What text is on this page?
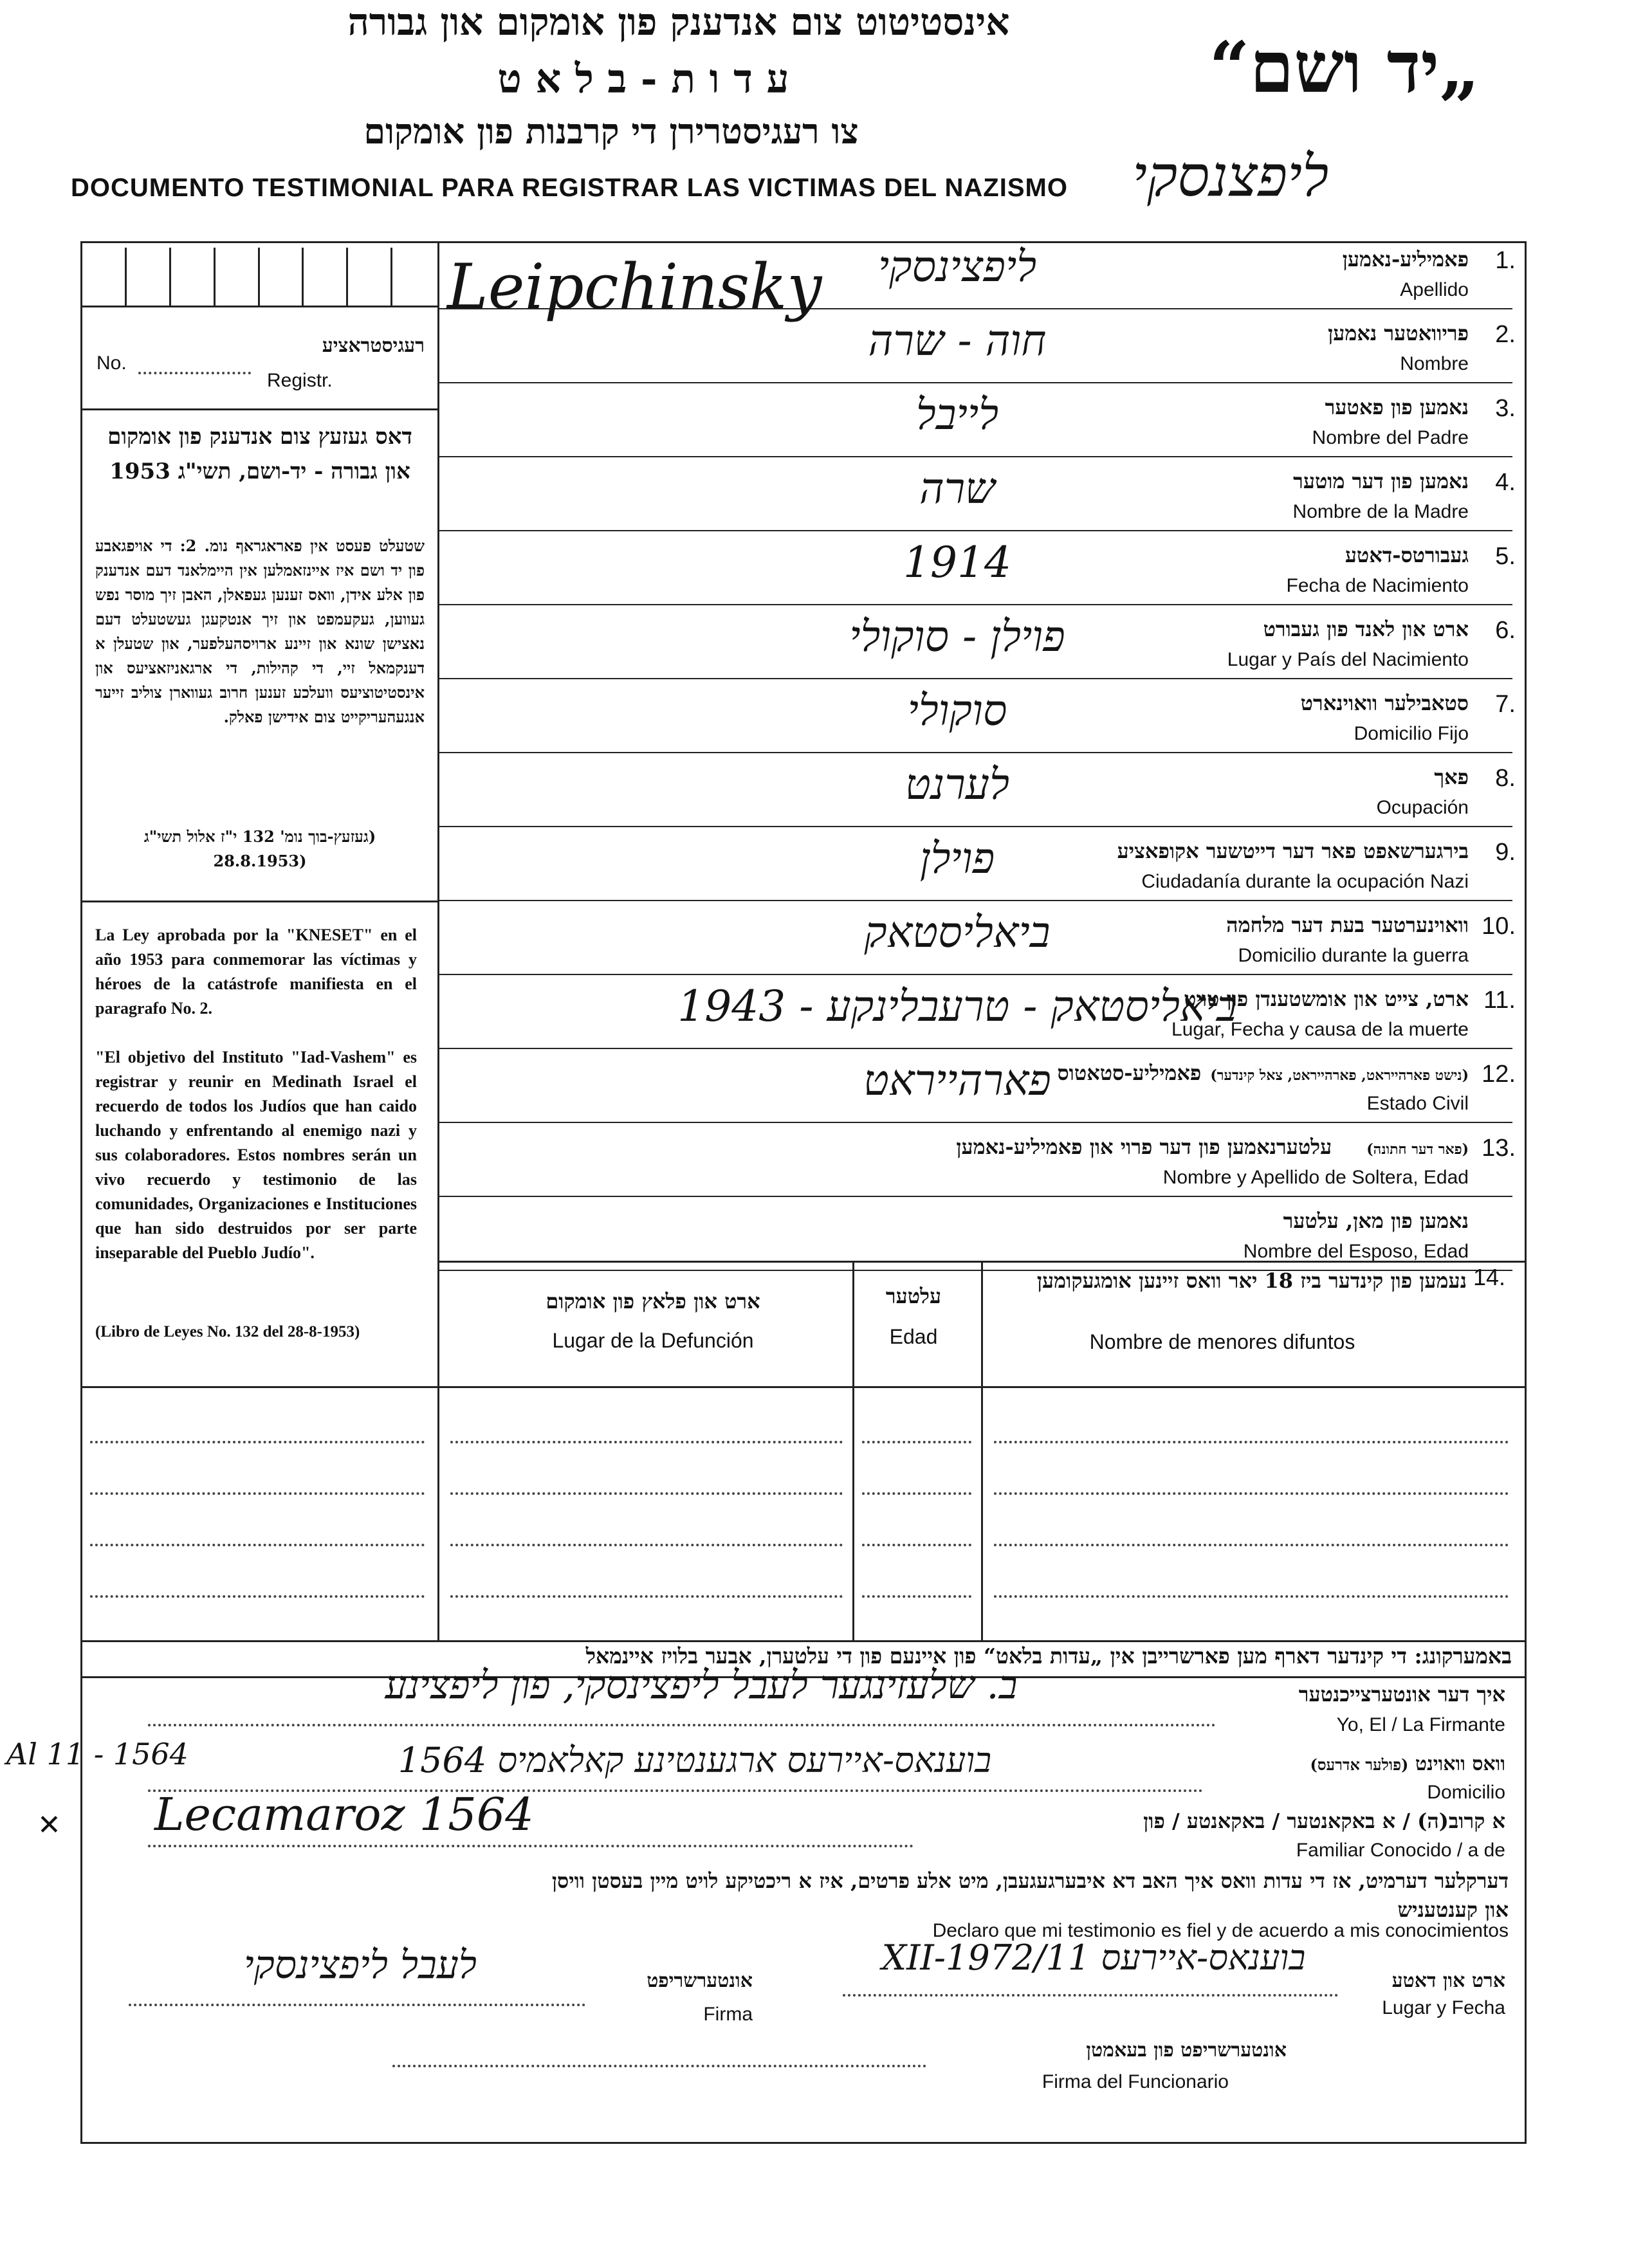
אינסטיטוט צום אנדענק פון אומקום און גבורה
ע ד ו ת - ב ל א ט
צו רעגיסטרירן די קרבנות פון אומקום
„יד ושם“
DOCUMENTO TESTIMONIAL PARA REGISTRAR LAS VICTIMAS DEL NAZISMO ליפצנסקי
רעגיסטראציע
No.
Registr.
דאס געזעץ צום אנדענק פון אומקום און גבורה - יד-ושם, תשי"ג 1953
שטעלט פעסט אין פאראגראף נומ. 2: די אויפגאבע פון יד ושם איז איינזאמלען אין היימלאנד דעם אנדענק פון אלע אידן, וואס זענען געפאלן, האבן זיך מוסר נפש געווען, געקעמפט און זיך אנטקעגן געשטעלט דעם נאצישן שונא און זיינע ארויסהעלפער, און שטעלן א דענקמאל זיי, די קהילות, די ארגאניזאציעס און אינסטיטוציעס וועלכע זענען חרוב געווארן צוליב זייער אנגעהעריקייט צום אידישן פאלק.
(געזעץ-בוך נומ' 132 י"ז אלול תשי"ג (28.8.1953
La Ley aprobada por la "KNESET" en el año 1953 para conmemorar las víctimas y héroes de la catástrofe manifiesta en el paragrafo No. 2.
"El objetivo del Instituto "Iad-Vashem" es registrar y reunir en Medinath Israel el recuerdo de todos los Judíos que han caido luchando y enfrentando al enemigo nazi y sus colaboradores. Estos nombres serán un vivo recuerdo y testimonio de las comunidades, Organizaciones e Instituciones que han sido destruidos por ser parte inseparable del Pueblo Judío".
(Libro de Leyes No. 132 del 28-8-1953)
1.
פאמיליע-נאמען
Apellido
ליפצינסקי
2.
פריוואטער נאמען
Nombre
חוה - שרה
3.
נאמען פון פאטער
Nombre del Padre
לייבל
4.
נאמען פון דער מוטער
Nombre de la Madre
שרה
5.
געבורטס-דאטע
Fecha de Nacimiento
1914
6.
ארט און לאנד פון געבורט
Lugar y País del Nacimiento
פוילן - סוקולי
7.
סטאבילער וואוינארט
Domicilio Fijo
סוקולי
8.
פאך
Ocupación
לערנט
9.
בירגערשאפט פאר דער דייטשער אקופאציע
Ciudadanía durante la ocupación Nazi
פוילן
10.
וואוינערטער בעת דער מלחמה
Domicilio durante la guerra
ביאליסטאק
11.
ארט, צייט און אומשטענדן פון טויט
Lugar, Fecha y causa de la muerte
ביאליסטאק - טרעבלינקע - 1943
12.
(נישט פארהייראט, פארהייראט, צאל קינדער)פאמיליע-סטאטוס
Estado Civil
פארהייראט
13.
(פאר דער חתונה)עלטערנאמען פון דער פרוי און פאמיליע-נאמען
Nombre y Apellido de Soltera, Edad
נאמען פון מאן, עלטער
Nombre del Esposo, Edad
Leipchinsky
14.
נעמען פון קינדער ביז 18 יאר וואס זיינען אומגעקומען
Nombre de menores difuntos
עלטער
Edad
ארט און פלאץ פון אומקום
Lugar de la Defunción
באמערקונג: די קינדער דארף מען פארשרייבן אין „עדות בלאט“ פון איינעם פון די עלטערן, אבער בלויז איינמאל
איך דער אונטערצייכנטער
Yo, El / La Firmante
ב. שלעזינגער לעבל ליפצינסקי, פון ליפצינע
וואס וואוינט (פולער אדרעס)
Domicilio
בוענאס-איירעס ארגענטינע קאלאמיס 1564
Al 11 - 1564
✕	א קרוב(ה) / א באקאנטער / באקאנטע / פון
Familiar Conocido / a de
Lecamaroz 1564
דערקלער דערמיט, אז די עדות וואס איך האב דא איבערגעגעבן, מיט אלע פרטים, איז א ריכטיקע לויט מיין בעסטן וויסן
און קענטעניש
Declaro que mi testimonio es fiel y de acuerdo a mis conocimientos
אונטערשריפט
Firma
לעבל ליפצינסקי	ארט און דאטע
Lugar y Fecha
בוענאס-איירעס 11/XII-1972
אונטערשריפט פון בעאמטן
Firma del Funcionario
